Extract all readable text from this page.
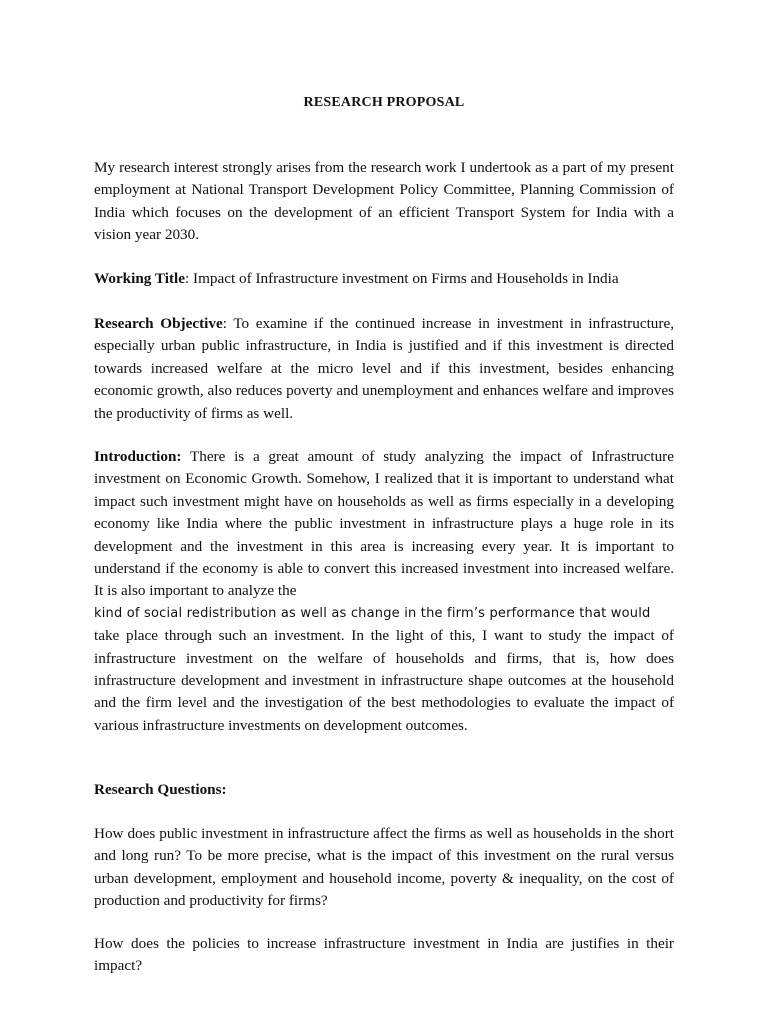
RESEARCH PROPOSAL

My research interest strongly arises from the research work I undertook as a part of my present employment at National Transport Development Policy Committee, Planning Commission of India which focuses on the development of an efficient Transport System for India with a vision year 2030.

Working Title: Impact of Infrastructure investment on Firms and Households in India

Research Objective: To examine if the continued increase in investment in infrastructure, especially urban public infrastructure, in India is justified and if this investment is directed towards increased welfare at the micro level and if this investment, besides enhancing economic growth, also reduces poverty and unemployment and enhances welfare and improves the productivity of firms as well.

Introduction: There is a great amount of study analyzing the impact of Infrastructure investment on Economic Growth. Somehow, I realized that it is important to understand what impact such investment might have on households as well as firms especially in a developing economy like India where the public investment in infrastructure plays a huge role in its development and the investment in this area is increasing every year. It is important to understand if the economy is able to convert this increased investment into increased welfare. It is also important to analyze the
kind of social redistribution as well as change in the firm’s performance that would
take place through such an investment. In the light of this, I want to study the impact of infrastructure investment on the welfare of households and firms, that is, how does infrastructure development and investment in infrastructure shape outcomes at the household and the firm level and the investigation of the best methodologies to evaluate the impact of various infrastructure investments on development outcomes.
Research Questions:

How does public investment in infrastructure affect the firms as well as households in the short and long run? To be more precise, what is the impact of this investment on the rural versus urban development, employment and household income, poverty & inequality, on the cost of production and productivity for firms?

How does the policies to increase infrastructure investment in India are justifies in their impact?
